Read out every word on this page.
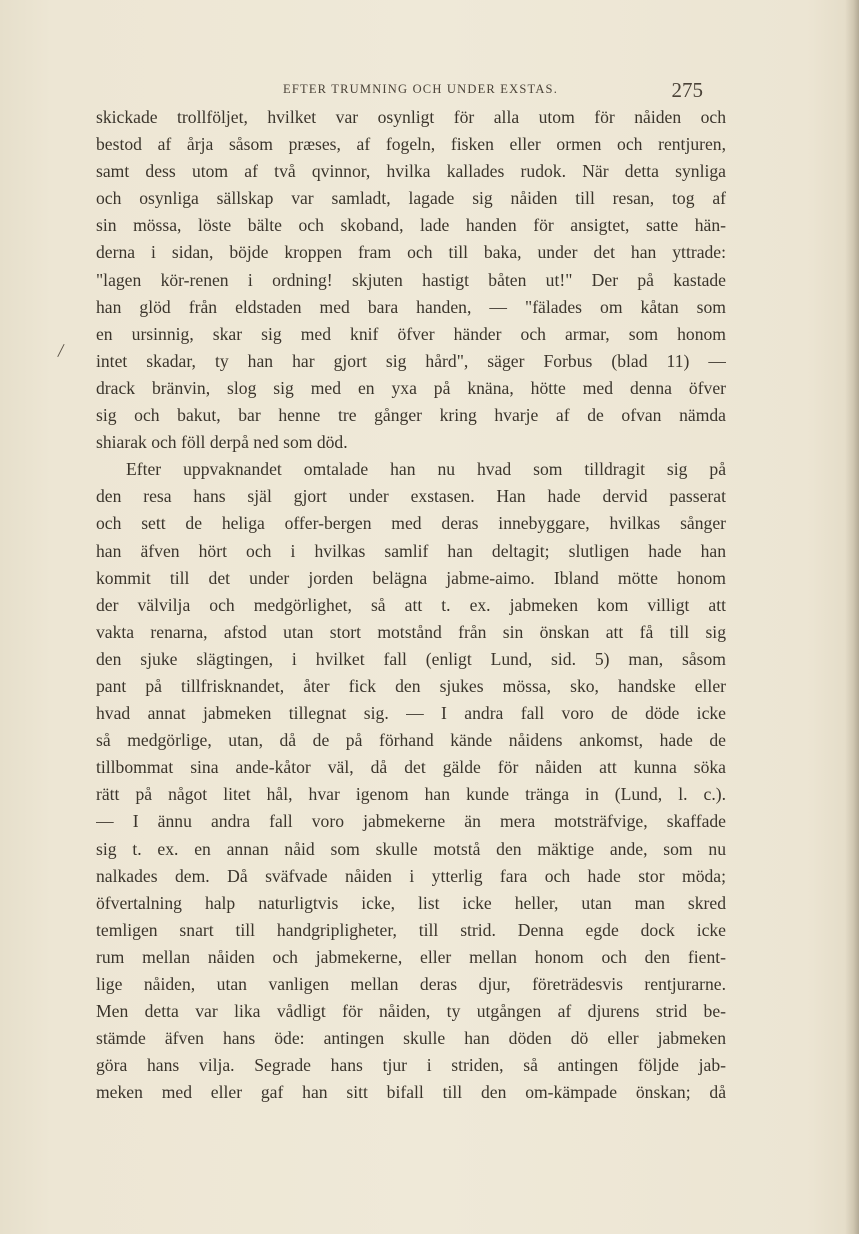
EFTER TRUMNING OCH UNDER EXSTAS.	275
/
skickade trollföljet, hvilket var osynligt för alla utom för nåiden och
bestod af årja såsom præses, af fogeln, fisken eller ormen och rentjuren,
samt dess utom af två qvinnor, hvilka kallades rudok. När detta synliga
och osynliga sällskap var samladt, lagade sig nåiden till resan, tog af
sin mössa, löste bälte och skoband, lade handen för ansigtet, satte hän-
derna i sidan, böjde kroppen fram och till baka, under det han yttrade:
"lagen kör-renen i ordning! skjuten hastigt båten ut!" Der på kastade
han glöd från eldstaden med bara handen, — "fälades om kåtan som
en ursinnig, skar sig med knif öfver händer och armar, som honom
intet skadar, ty han har gjort sig hård", säger Forbus (blad 11) —
drack bränvin, slog sig med en yxa på knäna, hötte med denna öfver
sig och bakut, bar henne tre gånger kring hvarje af de ofvan nämda
shiarak och föll derpå ned som död.
Efter uppvaknandet omtalade han nu hvad som tilldragit sig på
den resa hans själ gjort under exstasen. Han hade dervid passerat
och sett de heliga offer-bergen med deras innebyggare, hvilkas sånger
han äfven hört och i hvilkas samlif han deltagit; slutligen hade han
kommit till det under jorden belägna jabme-aimo. Ibland mötte honom
der välvilja och medgörlighet, så att t. ex. jabmeken kom villigt att
vakta renarna, afstod utan stort motstånd från sin önskan att få till sig
den sjuke slägtingen, i hvilket fall (enligt Lund, sid. 5) man, såsom
pant på tillfrisknandet, åter fick den sjukes mössa, sko, handske eller
hvad annat jabmeken tillegnat sig. — I andra fall voro de döde icke
så medgörlige, utan, då de på förhand kände nåidens ankomst, hade de
tillbommat sina ande-kåtor väl, då det gälde för nåiden att kunna söka
rätt på något litet hål, hvar igenom han kunde tränga in (Lund, l. c.).
— I ännu andra fall voro jabmekerne än mera motsträfvige, skaffade
sig t. ex. en annan nåid som skulle motstå den mäktige ande, som nu
nalkades dem. Då sväfvade nåiden i ytterlig fara och hade stor möda;
öfvertalning halp naturligtvis icke, list icke heller, utan man skred
temligen snart till handgripligheter, till strid. Denna egde dock icke
rum mellan nåiden och jabmekerne, eller mellan honom och den fient-
lige nåiden, utan vanligen mellan deras djur, företrädesvis rentjurarne.
Men detta var lika vådligt för nåiden, ty utgången af djurens strid be-
stämde äfven hans öde: antingen skulle han döden dö eller jabmeken
göra hans vilja. Segrade hans tjur i striden, så antingen följde jab-
meken med eller gaf han sitt bifall till den om-kämpade önskan; då
